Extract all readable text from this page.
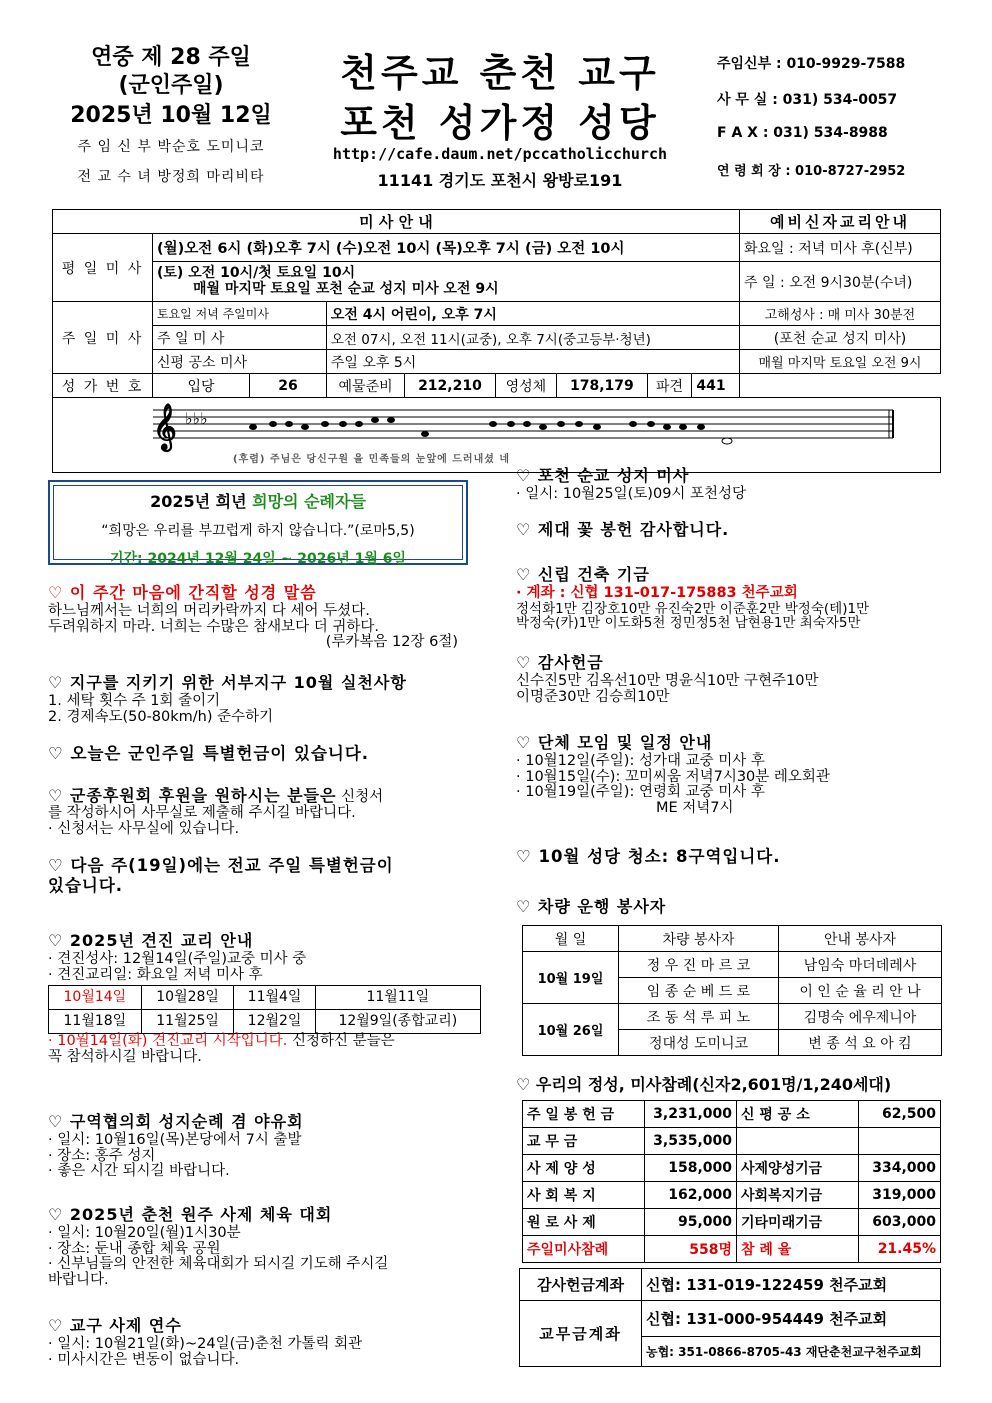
연중 제 28 주일
(군인주일)
2025년 10월 12일
주 임 신 부 박순호 도미니코
전 교 수 녀 방정희 마리비타
천주교 춘천 교구
포천 성가정 성당
http://cafe.daum.net/pccatholicchurch
11141 경기도 포천시 왕방로191
주임신부 : 010-9929-7588
사 무 실 : 031) 534-0057
F A X : 031) 534-8988
연 령 회 장 : 010-8727-2952
미 사 안 내									예비신자교리안내
평 일 미 사	(월)오전 6시 (화)오후 7시 (수)오전 10시 (목)오후 7시 (금) 오전 10시								화요일 : 저녁 미사 후(신부)

	(토) 오전 10시/첫 토요일 10시
매월 마지막 토요일 포천 순교 성지 미사 오전 9시								주 일 : 오전 9시30분(수녀)
주 일 미 사	토요일 저녁 주일미사		오전 4시 어린이, 오후 7시						고해성사 : 매 미사 30분전
	주 일 미 사		오전 07시, 오전 11시(교중), 오후 7시(중고등부·청년)						(포천 순교 성지 미사)
	신평 공소 미사		주일 오후 5시						매월 마지막 토요일 오전 9시
성 가 번 호	입당	26	예물준비	212,210	영성체	178,179	파견	441	

𝄞 ♭♭♭
(후렴) 주님은 당신구원 을 민족들의 눈앞에 드러내셨 네									
2025년 희년 희망의 순례자들
“희망은 우리를 부끄럽게 하지 않습니다.”(로마5,5)
기간: 2024년 12월 24일 ~ 2026년 1월 6일
♡ 이 주간 마음에 간직할 성경 말씀
하느님께서는 너희의 머리카락까지 다 세어 두셨다.
두려워하지 마라. 너희는 수많은 참새보다 더 귀하다.
(루카복음 12장 6절)
♡ 지구를 지키기 위한 서부지구 10월 실천사항
1. 세탁 횟수 주 1회 줄이기
2. 경제속도(50-80km/h) 준수하기
♡ 오늘은 군인주일 특별헌금이 있습니다.
♡ 군종후원회 후원을 원하시는 분들은 신청서
를 작성하시어 사무실로 제출해 주시길 바랍니다.
· 신청서는 사무실에 있습니다.
♡ 다음 주(19일)에는 전교 주일 특별헌금이
있습니다.
♡ 2025년 견진 교리 안내
· 견진성사: 12월14일(주일)교중 미사 중
· 견진교리일: 화요일 저녁 미사 후
10월14일	10월28일	11월4일	11월11일
11월18일	11월25일	12월2일	12월9일(종합교리)
· 10월14일(화) 견진교리 시작입니다. 신청하신 분들은
꼭 참석하시길 바랍니다.
♡ 구역협의회 성지순례 겸 야유회
· 일시: 10월16일(목)본당에서 7시 출발
· 장소: 홍주 성지
· 좋은 시간 되시길 바랍니다.
♡ 2025년 춘천 원주 사제 체육 대회
· 일시: 10월20일(월)1시30분
· 장소: 둔내 종합 체육 공원
· 신부님들의 안전한 체육대회가 되시길 기도해 주시길
바랍니다.
♡ 교구 사제 연수
· 일시: 10월21일(화)~24일(금)춘천 가톨릭 회관
· 미사시간은 변동이 없습니다.
♡ 포천 순교 성지 미사
· 일시: 10월25일(토)09시 포천성당
♡ 제대 꽃 봉헌 감사합니다.
♡ 신립 건축 기금
· 계좌 : 신협 131-017-175883 천주교회
정석화1만 김장호10만 유진숙2만 이준훈2만 박정숙(테)1만
박정숙(카)1만 이도화5천 정민정5천 남현용1만 최숙자5만
♡ 감사헌금
신수진5만 김옥선10만 명윤식10만 구현주10만
이명준30만 김승희10만
♡ 단체 모임 및 일정 안내
· 10월12일(주일): 성가대 교중 미사 후
· 10월15일(수): 꼬미씨움 저녁7시30분 레오회관
· 10월19일(주일): 연령회 교중 미사 후
ME 저녁7시
♡ 10월 성당 청소: 8구역입니다.
♡ 차량 운행 봉사자
월 일	차량 봉사자	안내 봉사자
10월 19일	정 우 진 마 르 코	남임숙 마더데레사
	임 종 순 베 드 로	이 인 순 율 리 안 나
10월 26일	조 동 석 루 피 노	김명숙 에우제니아
	정대성 도미니코	변 종 석 요 아 킴
♡ 우리의 정성, 미사참례(신자2,601명/1,240세대)
주 일 봉 헌 금	3,231,000	신 평 공 소	62,500
교 무 금	3,535,000		
사 제 양 성	158,000	사제양성기금	334,000
사 회 복 지	162,000	사회복지기금	319,000
원 로 사 제	95,000	기타미래기금	603,000
주일미사참례	558명	참 례 율	21.45%
감사헌금계좌	신협: 131-019-122459 천주교회
교무금계좌	신협: 131-000-954449 천주교회
	농협: 351-0866-8705-43 재단춘천교구천주교회
